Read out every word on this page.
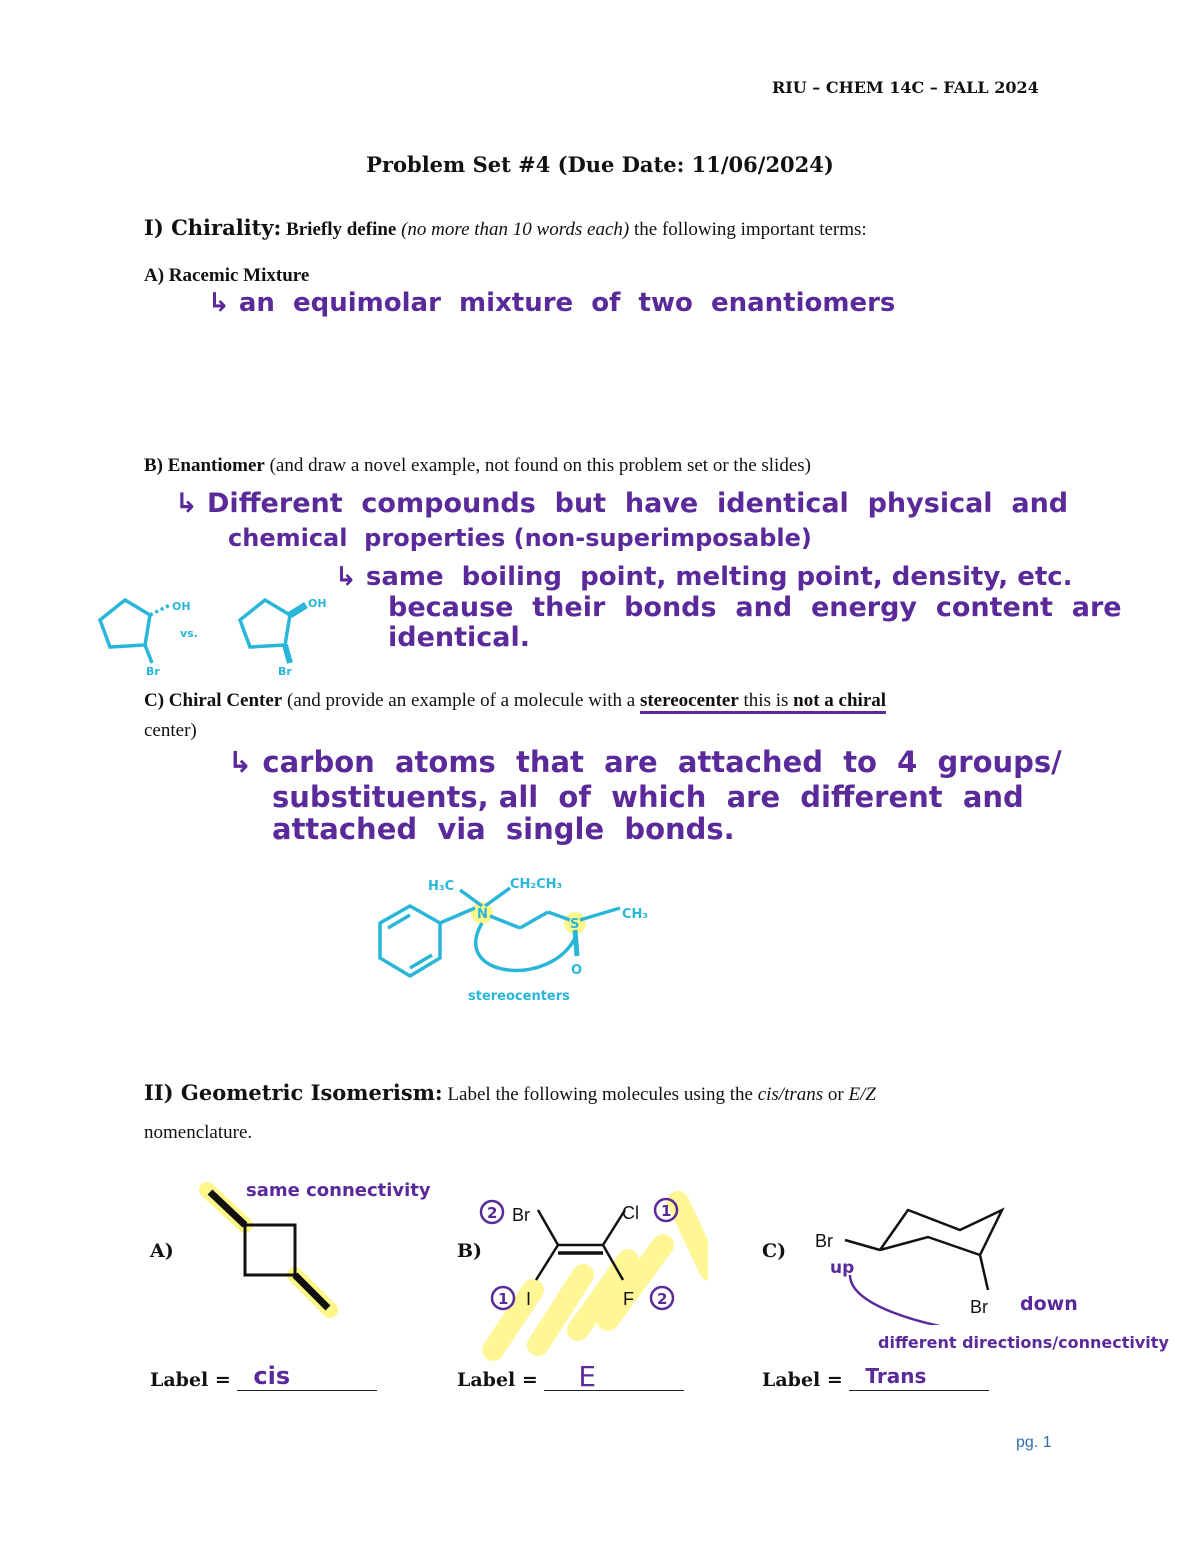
RIU – CHEM 14C – FALL 2024
Problem Set #4 (Due Date: 11/06/2024)
I) Chirality: Briefly define (no more than 10 words each) the following important terms:
A) Racemic Mixture
↳ an  equimolar  mixture  of  two  enantiomers
B) Enantiomer (and draw a novel example, not found on this problem set or the slides)
↳ Different  compounds  but  have  identical  physical  and
chemical  properties (non-superimposable)
↳ same  boiling  point, melting point, density, etc.
because  their  bonds  and  energy  content  are
identical.
OH
Br
vs.
OH
Br
C) Chiral Center (and provide an example of a molecule with a stereocenter this is not a chiral
center)
↳ carbon  atoms  that  are  attached  to  4  groups/
substituents, all  of  which  are  different  and
attached  via  single  bonds.
H₃C	CH₂CH₃
N
S
CH₃
O
stereocenters
II) Geometric Isomerism: Label the following molecules using the cis/trans or E/Z
nomenclature.
A)
same connectivity
Label = cis
B)
Br	Cl
I	F
2	1
1	2
Label = E
C) Br
Br
up
down
different directions/connectivity
Label = Trans
pg. 1
